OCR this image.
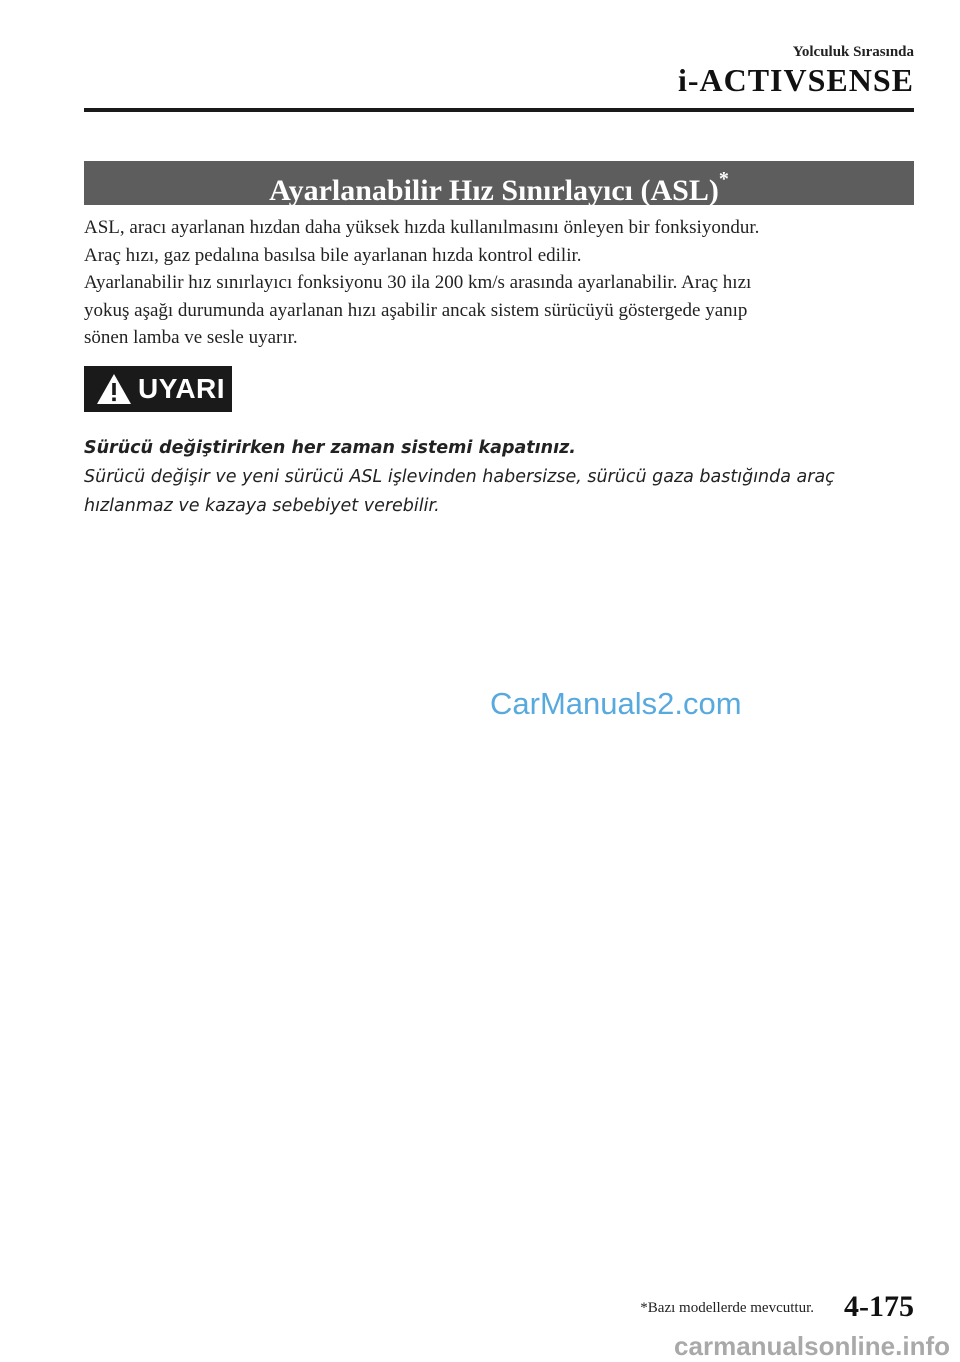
Yolculuk Sırasında
i-ACTIVSENSE
Ayarlanabilir Hız Sınırlayıcı (ASL)*

ASL, aracı ayarlanan hızdan daha yüksek hızda kullanılmasını önleyen bir fonksiyondur.

Araç hızı, gaz pedalına basılsa bile ayarlanan hızda kontrol edilir.

Ayarlanabilir hız sınırlayıcı fonksiyonu 30 ila 200 km/s arasında ayarlanabilir. Araç hızı

yokuş aşağı durumunda ayarlanan hızı aşabilir ancak sistem sürücüyü göstergede yanıp

sönen lamba ve sesle uyarır.

UYARI

Sürücü değiştirirken her zaman sistemi kapatınız.

Sürücü değişir ve yeni sürücü ASL işlevinden habersizse, sürücü gaza bastığında araç

hızlanmaz ve kazaya sebebiyet verebilir.

CarManuals2.com
*Bazı modellerde mevcuttur. 4-175
carmanualsonline.info
